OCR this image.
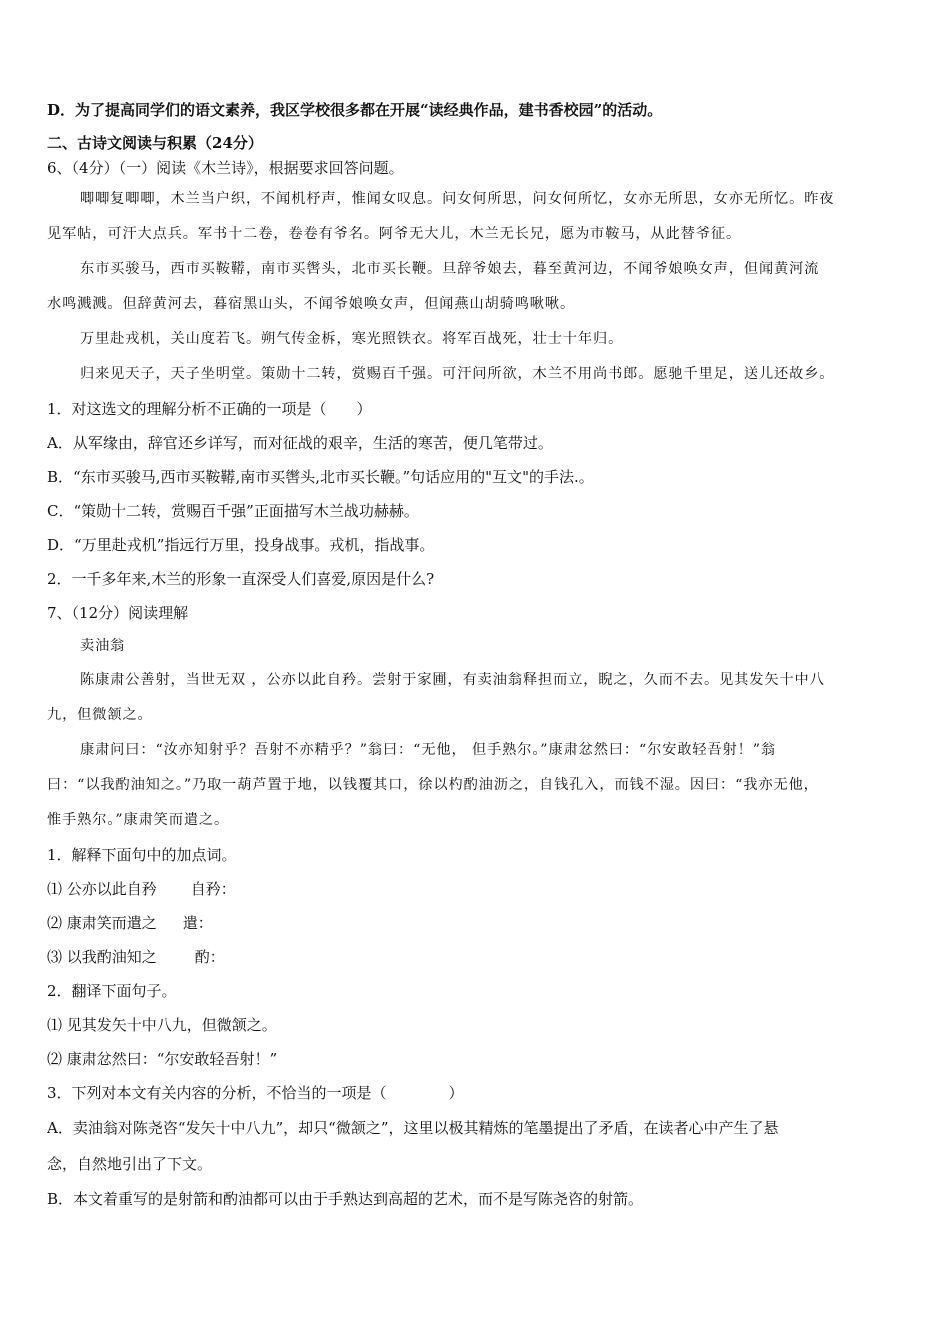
D．为了提高同学们的语文素养，我区学校很多都在开展“读经典作品，建书香校园”的活动。
二、古诗文阅读与积累（24分）
6、（4分）（一）阅读《木兰诗》，根据要求回答问题。
唧唧复唧唧，木兰当户织，不闻机杼声，惟闻女叹息。问女何所思，问女何所忆，女亦无所思，女亦无所忆。昨夜
见军帖，可汗大点兵。军书十二卷，卷卷有爷名。阿爷无大儿，木兰无长兄，愿为市鞍马，从此替爷征。
东市买骏马，西市买鞍鞯，南市买辔头，北市买长鞭。旦辞爷娘去，暮至黄河边，不闻爷娘唤女声，但闻黄河流
水鸣溅溅。但辞黄河去，暮宿黑山头，不闻爷娘唤女声，但闻燕山胡骑鸣啾啾。
万里赴戎机，关山度若飞。朔气传金柝，寒光照铁衣。将军百战死，壮士十年归。
归来见天子，天子坐明堂。策勋十二转，赏赐百千强。可汗问所欲，木兰不用尚书郎。愿驰千里足，送儿还故乡。
1．对这选文的理解分析不正确的一项是（ ）
A．从军缘由，辞官还乡详写，而对征战的艰辛，生活的寒苦，便几笔带过。
B．“东市买骏马,西市买鞍鞯,南市买辔头,北市买长鞭。”句话应用的"互文"的手法.。
C．“策勋十二转，赏赐百千强”正面描写木兰战功赫赫。
D．“万里赴戎机”指远行万里，投身战事。戎机，指战事。
2．一千多年来,木兰的形象一直深受人们喜爱,原因是什么?
7、（12分）阅读理解
卖油翁
陈康肃公善射，当世无双 ，公亦以此自矜。尝射于家圃，有卖油翁释担而立，睨之，久而不去。见其发矢十中八
九，但微颔之。
康肃问曰：“汝亦知射乎？吾射不亦精乎？”翁曰：“无他， 但手熟尔。”康肃忿然曰：“尔安敢轻吾射！”翁
曰：“以我酌油知之。”乃取一葫芦置于地，以钱覆其口，徐以杓酌油沥之，自钱孔入，而钱不湿。因曰：“我亦无他，
惟手熟尔。”康肃笑而遣之。
1．解释下面句中的加点词。
⑴ 公亦以此自矜 自矜：
⑵ 康肃笑而遣之 遣：
⑶ 以我酌油知之	酌：
2．翻译下面句子。
⑴ 见其发矢十中八九，但微颔之。
⑵ 康肃忿然曰：“尔安敢轻吾射！”
3．下列对本文有关内容的分析，不恰当的一项是（	）
A．卖油翁对陈尧咨“发矢十中八九”，却只“微颔之”，这里以极其精炼的笔墨提出了矛盾，在读者心中产生了悬
念，自然地引出了下文。
B．本文着重写的是射箭和酌油都可以由于手熟达到高超的艺术，而不是写陈尧咨的射箭。
